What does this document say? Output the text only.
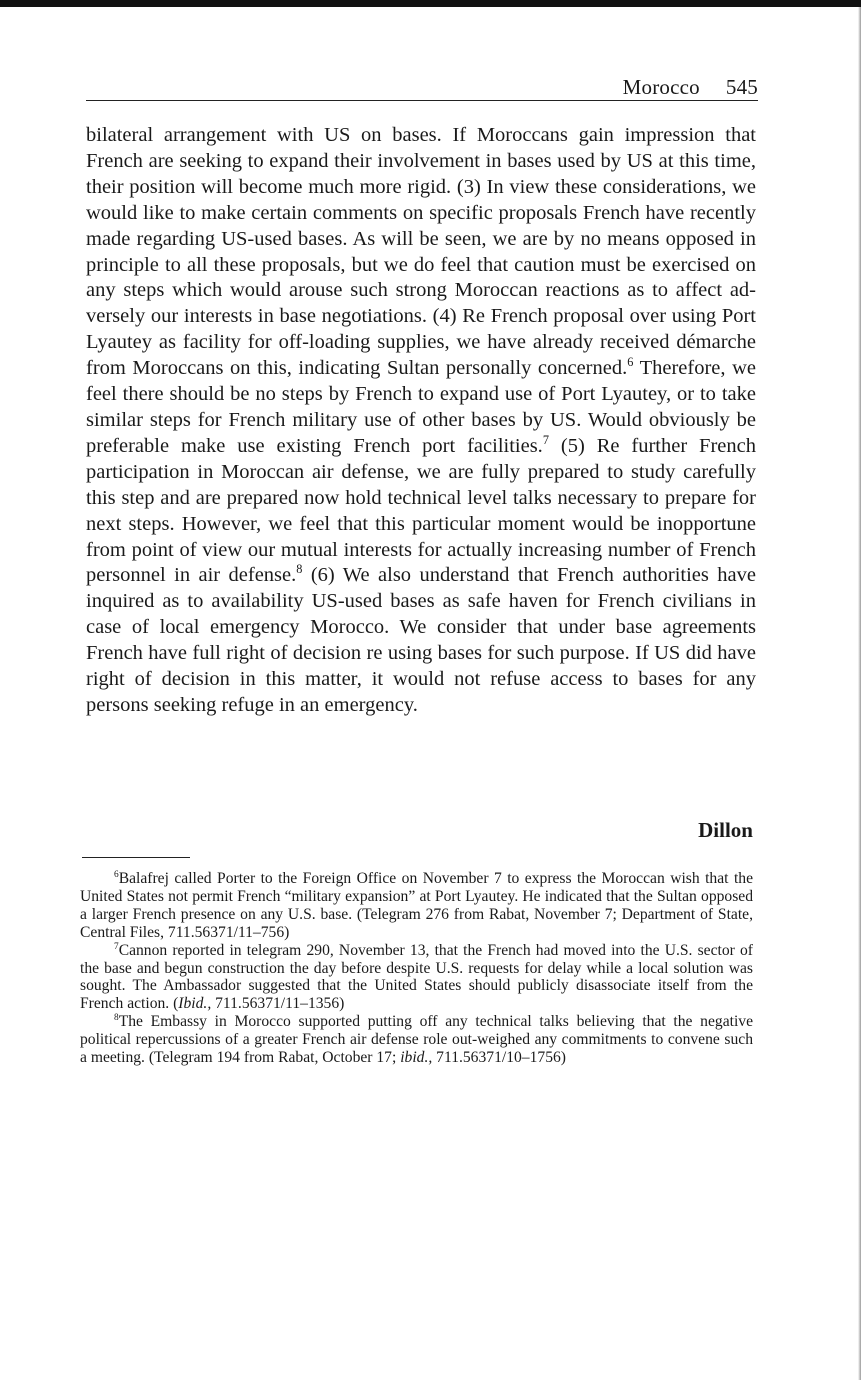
Morocco 545

bilateral arrangement with US on bases. If Moroccans gain impression that French are seeking to expand their involvement in bases used by US at this time, their position will become much more rigid. (3) In view these considerations, we would like to make certain comments on specific proposals French have recently made regarding US-used bases. As will be seen, we are by no means opposed in principle to all these proposals, but we do feel that caution must be exercised on any steps which would arouse such strong Moroccan reactions as to affect ad-versely our interests in base negotiations. (4) Re French proposal over using Port Lyautey as facility for off-loading supplies, we have already received démarche from Moroccans on this, indicating Sultan personally concerned.$^6$ Therefore, we feel there should be no steps by French to expand use of Port Lyautey, or to take similar steps for French military use of other bases by US. Would obviously be preferable make use existing French port facilities.$^7$ (5) Re further French participation in Moroccan air defense, we are fully prepared to study carefully this step and are prepared now hold technical level talks necessary to prepare for next steps. However, we feel that this particular moment would be inopportune from point of view our mutual interests for actually increasing number of French personnel in air defense.$^8$ (6) We also understand that French authorities have inquired as to availability US-used bases as safe haven for French civilians in case of local emergency Morocco. We consider that under base agreements French have full right of decision re using bases for such purpose. If US did have right of decision in this matter, it would not refuse access to bases for any persons seeking refuge in an emergency.

Dillon

$^6$Balafrej called Porter to the Foreign Office on November 7 to express the Moroccan wish that the United States not permit French “military expansion” at Port Lyautey. He indicated that the Sultan opposed a larger French presence on any U.S. base. (Telegram 276 from Rabat, November 7; Department of State, Central Files, 711.56371/11–756)

$^7$Cannon reported in telegram 290, November 13, that the French had moved into the U.S. sector of the base and begun construction the day before despite U.S. requests for delay while a local solution was sought. The Ambassador suggested that the United States should publicly disassociate itself from the French action. (Ibid., 711.56371/11–1356)

$^8$The Embassy in Morocco supported putting off any technical talks believing that the negative political repercussions of a greater French air defense role out-weighed any commitments to convene such a meeting. (Telegram 194 from Rabat, October 17; ibid., 711.56371/10–1756)
